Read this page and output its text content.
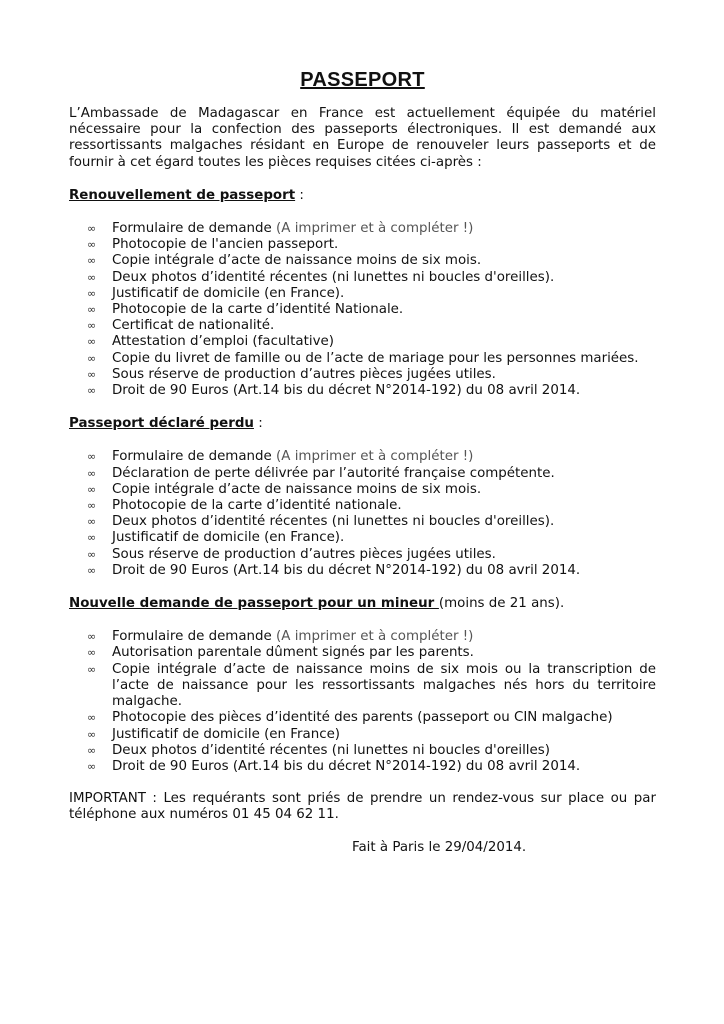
PASSEPORT

L’Ambassade de Madagascar en France est actuellement équipée du matériel nécessaire pour la confection des passeports électroniques. Il est demandé aux ressortissants malgaches résidant en Europe de renouveler leurs passeports et de fournir à cet égard toutes les pièces requises citées ci-après :

Renouvellement de passeport :

∞ Formulaire de demande (A imprimer et à compléter !)
∞ Photocopie de l'ancien passeport.
∞ Copie intégrale d’acte de naissance moins de six mois.
∞ Deux photos d’identité récentes (ni lunettes ni boucles d'oreilles).
∞ Justificatif de domicile (en France).
∞ Photocopie de la carte d’identité Nationale.
∞ Certificat de nationalité.
∞ Attestation d’emploi (facultative)
∞ Copie du livret de famille ou de l’acte de mariage pour les personnes mariées.
∞ Sous réserve de production d’autres pièces jugées utiles.
∞ Droit de 90 Euros (Art.14 bis du décret N°2014-192) du 08 avril 2014.

Passeport déclaré perdu :

∞ Formulaire de demande (A imprimer et à compléter !)
∞ Déclaration de perte délivrée par l’autorité française compétente.
∞ Copie intégrale d’acte de naissance moins de six mois.
∞ Photocopie de la carte d’identité nationale.
∞ Deux photos d’identité récentes (ni lunettes ni boucles d'oreilles).
∞ Justificatif de domicile (en France).
∞ Sous réserve de production d’autres pièces jugées utiles.
∞ Droit de 90 Euros (Art.14 bis du décret N°2014-192) du 08 avril 2014.

Nouvelle demande de passeport pour un mineur (moins de 21 ans).

∞ Formulaire de demande (A imprimer et à compléter !)
∞ Autorisation parentale dûment signés par les parents.
∞ Copie intégrale d’acte de naissance moins de six mois ou la transcription de l’acte de naissance pour les ressortissants malgaches nés hors du territoire malgache.
∞ Photocopie des pièces d’identité des parents (passeport ou CIN malgache)
∞ Justificatif de domicile (en France)
∞ Deux photos d’identité récentes (ni lunettes ni boucles d'oreilles)
∞ Droit de 90 Euros (Art.14 bis du décret N°2014-192) du 08 avril 2014.

IMPORTANT : Les requérants sont priés de prendre un rendez-vous sur place ou par téléphone aux numéros 01 45 04 62 11.

Fait à Paris le 29/04/2014.
